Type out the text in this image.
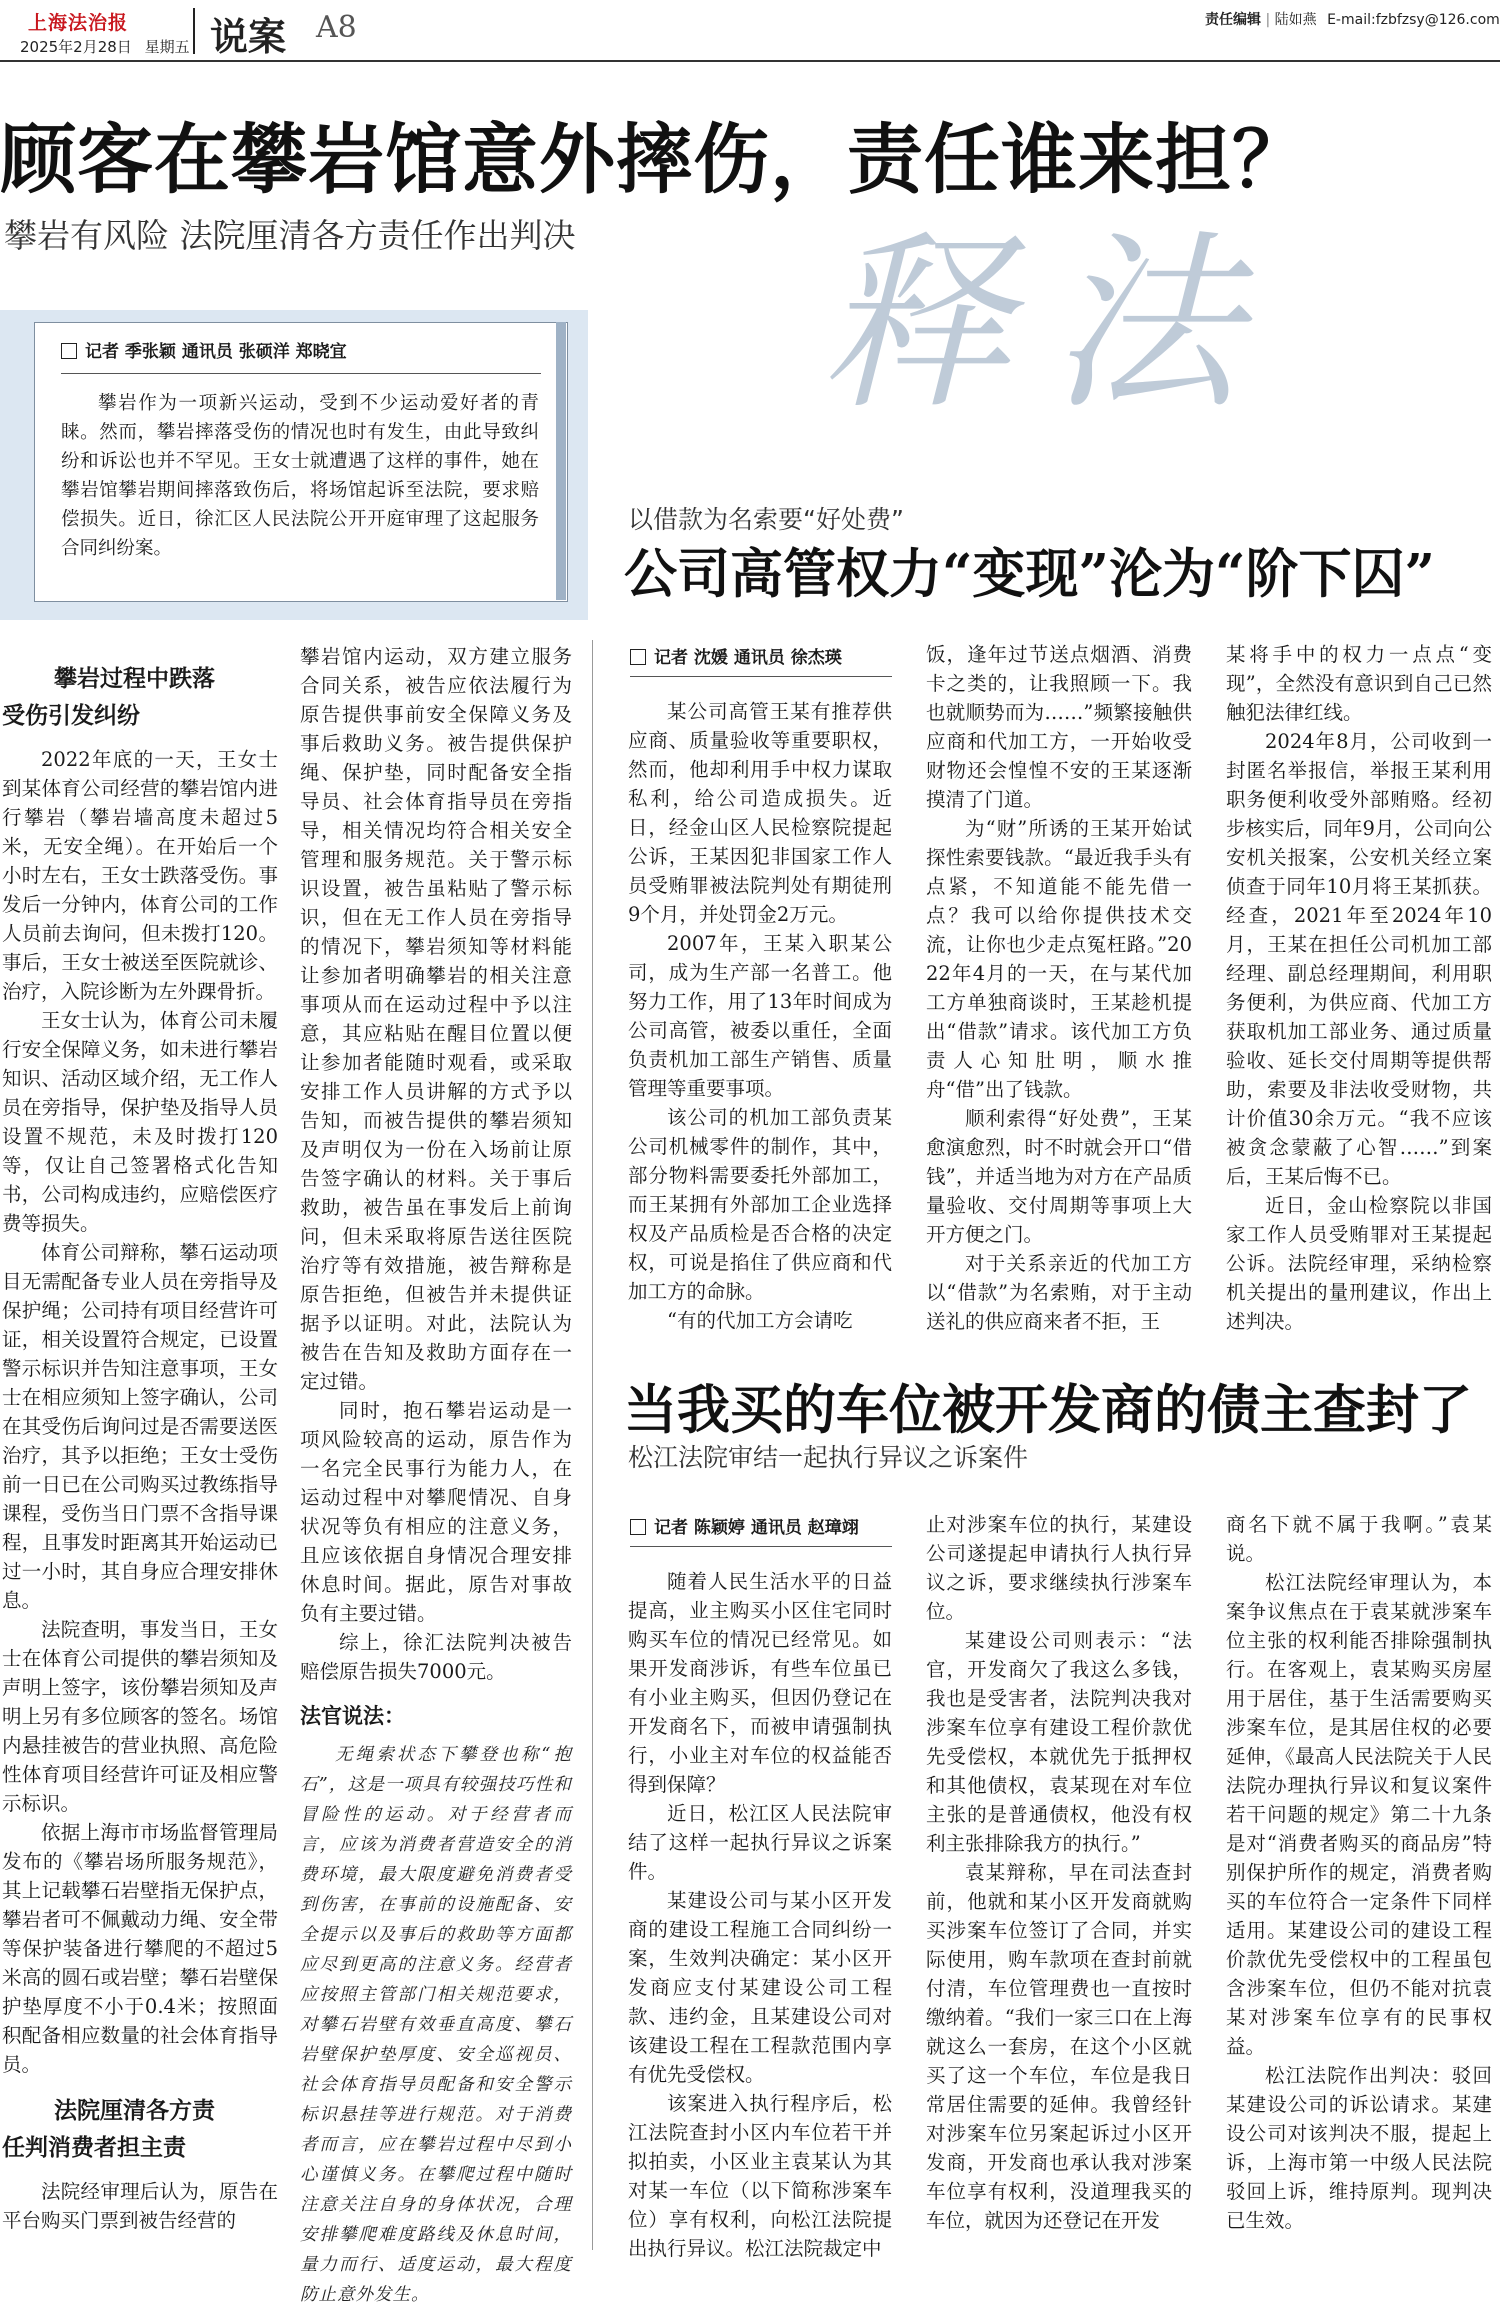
上海法治报
2025年2月28日 星期五 说案 A8	责任编辑 | 陆如燕 E-mail:fzbfzsy@126.com
顾客在攀岩馆意外摔伤，责任谁来担？
攀岩有风险 法院厘清各方责任作出判决 释法
记者 季张颖 通讯员 张硕洋 郑晓宜

攀岩作为一项新兴运动，受到不少运动爱好者的青睐。然而，攀岩摔落受伤的情况也时有发生，由此导致纠纷和诉讼也并不罕见。王女士就遭遇了这样的事件，她在攀岩馆攀岩期间摔落致伤后，将场馆起诉至法院，要求赔偿损失。近日，徐汇区人民法院公开开庭审理了这起服务合同纠纷案。

攀岩过程中跌落
受伤引发纠纷

2022年底的一天，王女士到某体育公司经营的攀岩馆内进行攀岩（攀岩墙高度未超过5米，无安全绳）。在开始后一个小时左右，王女士跌落受伤。事发后一分钟内，体育公司的工作人员前去询问，但未拨打120。事后，王女士被送至医院就诊、治疗，入院诊断为左外踝骨折。

王女士认为，体育公司未履行安全保障义务，如未进行攀岩知识、活动区域介绍，无工作人员在旁指导，保护垫及指导人员设置不规范，未及时拨打120等，仅让自己签署格式化告知书，公司构成违约，应赔偿医疗费等损失。

体育公司辩称，攀石运动项目无需配备专业人员在旁指导及保护绳；公司持有项目经营许可证，相关设置符合规定，已设置警示标识并告知注意事项，王女士在相应须知上签字确认，公司在其受伤后询问过是否需要送医治疗，其予以拒绝；王女士受伤前一日已在公司购买过教练指导课程，受伤当日门票不含指导课程，且事发时距离其开始运动已过一小时，其自身应合理安排休息。

法院查明，事发当日，王女士在体育公司提供的攀岩须知及声明上签字，该份攀岩须知及声明上另有多位顾客的签名。场馆内悬挂被告的营业执照、高危险性体育项目经营许可证及相应警示标识。

依据上海市市场监督管理局发布的《攀岩场所服务规范》，其上记载攀石岩壁指无保护点，攀岩者可不佩戴动力绳、安全带等保护装备进行攀爬的不超过5米高的圆石或岩壁；攀石岩壁保护垫厚度不小于0.4米；按照面积配备相应数量的社会体育指导员。

法院厘清各方责
任判消费者担主责

法院经审理后认为，原告在平台购买门票到被告经营的

攀岩馆内运动，双方建立服务合同关系，被告应依法履行为原告提供事前安全保障义务及事后救助义务。被告提供保护绳、保护垫，同时配备安全指导员、社会体育指导员在旁指导，相关情况均符合相关安全管理和服务规范。关于警示标识设置，被告虽粘贴了警示标识，但在无工作人员在旁指导的情况下，攀岩须知等材料能让参加者明确攀岩的相关注意事项从而在运动过程中予以注意，其应粘贴在醒目位置以便让参加者能随时观看，或采取安排工作人员讲解的方式予以告知，而被告提供的攀岩须知及声明仅为一份在入场前让原告签字确认的材料。关于事后救助，被告虽在事发后上前询问，但未采取将原告送往医院治疗等有效措施，被告辩称是原告拒绝，但被告并未提供证据予以证明。对此，法院认为被告在告知及救助方面存在一定过错。

同时，抱石攀岩运动是一项风险较高的运动，原告作为一名完全民事行为能力人，在运动过程中对攀爬情况、自身状况等负有相应的注意义务，且应该依据自身情况合理安排休息时间。据此，原告对事故负有主要过错。

综上，徐汇法院判决被告赔偿原告损失7000元。

法官说法：

无绳索状态下攀登也称“抱石”，这是一项具有较强技巧性和冒险性的运动。对于经营者而言，应该为消费者营造安全的消费环境，最大限度避免消费者受到伤害，在事前的设施配备、安全提示以及事后的救助等方面都应尽到更高的注意义务。经营者应按照主管部门相关规范要求，对攀石岩壁有效垂直高度、攀石岩壁保护垫厚度、安全巡视员、社会体育指导员配备和安全警示标识悬挂等进行规范。对于消费者而言，应在攀岩过程中尽到小心谨慎义务。在攀爬过程中随时注意关注自身的身体状况，合理安排攀爬难度路线及休息时间，量力而行、适度运动，最大程度防止意外发生。

以借款为名索要“好处费”
公司高管权力“变现”沦为“阶下囚”
记者 沈媛 通讯员 徐杰瑛

某公司高管王某有推荐供应商、质量验收等重要职权，然而，他却利用手中权力谋取私利，给公司造成损失。近日，经金山区人民检察院提起公诉，王某因犯非国家工作人员受贿罪被法院判处有期徒刑9个月，并处罚金2万元。

2007年，王某入职某公司，成为生产部一名普工。他努力工作，用了13年时间成为公司高管，被委以重任，全面负责机加工部生产销售、质量管理等重要事项。

该公司的机加工部负责某公司机械零件的制作，其中，部分物料需要委托外部加工，而王某拥有外部加工企业选择权及产品质检是否合格的决定权，可说是掐住了供应商和代加工方的命脉。

“有的代加工方会请吃

饭，逢年过节送点烟酒、消费卡之类的，让我照顾一下。我也就顺势而为……”频繁接触供应商和代加工方，一开始收受财物还会惶惶不安的王某逐渐摸清了门道。

为“财”所诱的王某开始试探性索要钱款。“最近我手头有点紧，不知道能不能先借一点？我可以给你提供技术交流，让你也少走点冤枉路。”2022年4月的一天，在与某代加工方单独商谈时，王某趁机提出“借款”请求。该代加工方负责人心知肚明，顺水推舟“借”出了钱款。

顺利索得“好处费”，王某愈演愈烈，时不时就会开口“借钱”，并适当地为对方在产品质量验收、交付周期等事项上大开方便之门。

对于关系亲近的代加工方以“借款”为名索贿，对于主动送礼的供应商来者不拒，王

某将手中的权力一点点“变现”，全然没有意识到自己已然触犯法律红线。

2024年8月，公司收到一封匿名举报信，举报王某利用职务便利收受外部贿赂。经初步核实后，同年9月，公司向公安机关报案，公安机关经立案侦查于同年10月将王某抓获。经查，2021年至2024年10月，王某在担任公司机加工部经理、副总经理期间，利用职务便利，为供应商、代加工方获取机加工部业务、通过质量验收、延长交付周期等提供帮助，索要及非法收受财物，共计价值30余万元。“我不应该被贪念蒙蔽了心智……”到案后，王某后悔不已。

近日，金山检察院以非国家工作人员受贿罪对王某提起公诉。法院经审理，采纳检察机关提出的量刑建议，作出上述判决。

当我买的车位被开发商的债主查封了
松江法院审结一起执行异议之诉案件
记者 陈颖婷 通讯员 赵璋翊

随着人民生活水平的日益提高，业主购买小区住宅同时购买车位的情况已经常见。如果开发商涉诉，有些车位虽已有小业主购买，但因仍登记在开发商名下，而被申请强制执行，小业主对车位的权益能否得到保障？

近日，松江区人民法院审结了这样一起执行异议之诉案件。

某建设公司与某小区开发商的建设工程施工合同纠纷一案，生效判决确定：某小区开发商应支付某建设公司工程款、违约金，且某建设公司对该建设工程在工程款范围内享有优先受偿权。

该案进入执行程序后，松江法院查封小区内车位若干并拟拍卖，小区业主袁某认为其对某一车位（以下简称涉案车位）享有权利，向松江法院提出执行异议。松江法院裁定中

止对涉案车位的执行，某建设公司遂提起申请执行人执行异议之诉，要求继续执行涉案车位。

某建设公司则表示：“法官，开发商欠了我这么多钱，我也是受害者，法院判决我对涉案车位享有建设工程价款优先受偿权，本就优先于抵押权和其他债权，袁某现在对车位主张的是普通债权，他没有权利主张排除我方的执行。”

袁某辩称，早在司法查封前，他就和某小区开发商就购买涉案车位签订了合同，并实际使用，购车款项在查封前就付清，车位管理费也一直按时缴纳着。“我们一家三口在上海就这么一套房，在这个小区就买了这一个车位，车位是我日常居住需要的延伸。我曾经针对涉案车位另案起诉过小区开发商，开发商也承认我对涉案车位享有权利，没道理我买的车位，就因为还登记在开发

商名下就不属于我啊。”袁某说。

松江法院经审理认为，本案争议焦点在于袁某就涉案车位主张的权利能否排除强制执行。在客观上，袁某购买房屋用于居住，基于生活需要购买涉案车位，是其居住权的必要延伸，《最高人民法院关于人民法院办理执行异议和复议案件若干问题的规定》第二十九条是对“消费者购买的商品房”特别保护所作的规定，消费者购买的车位符合一定条件下同样适用。某建设公司的建设工程价款优先受偿权中的工程虽包含涉案车位，但仍不能对抗袁某对涉案车位享有的民事权益。

松江法院作出判决：驳回某建设公司的诉讼请求。某建设公司对该判决不服，提起上诉，上海市第一中级人民法院驳回上诉，维持原判。现判决已生效。
